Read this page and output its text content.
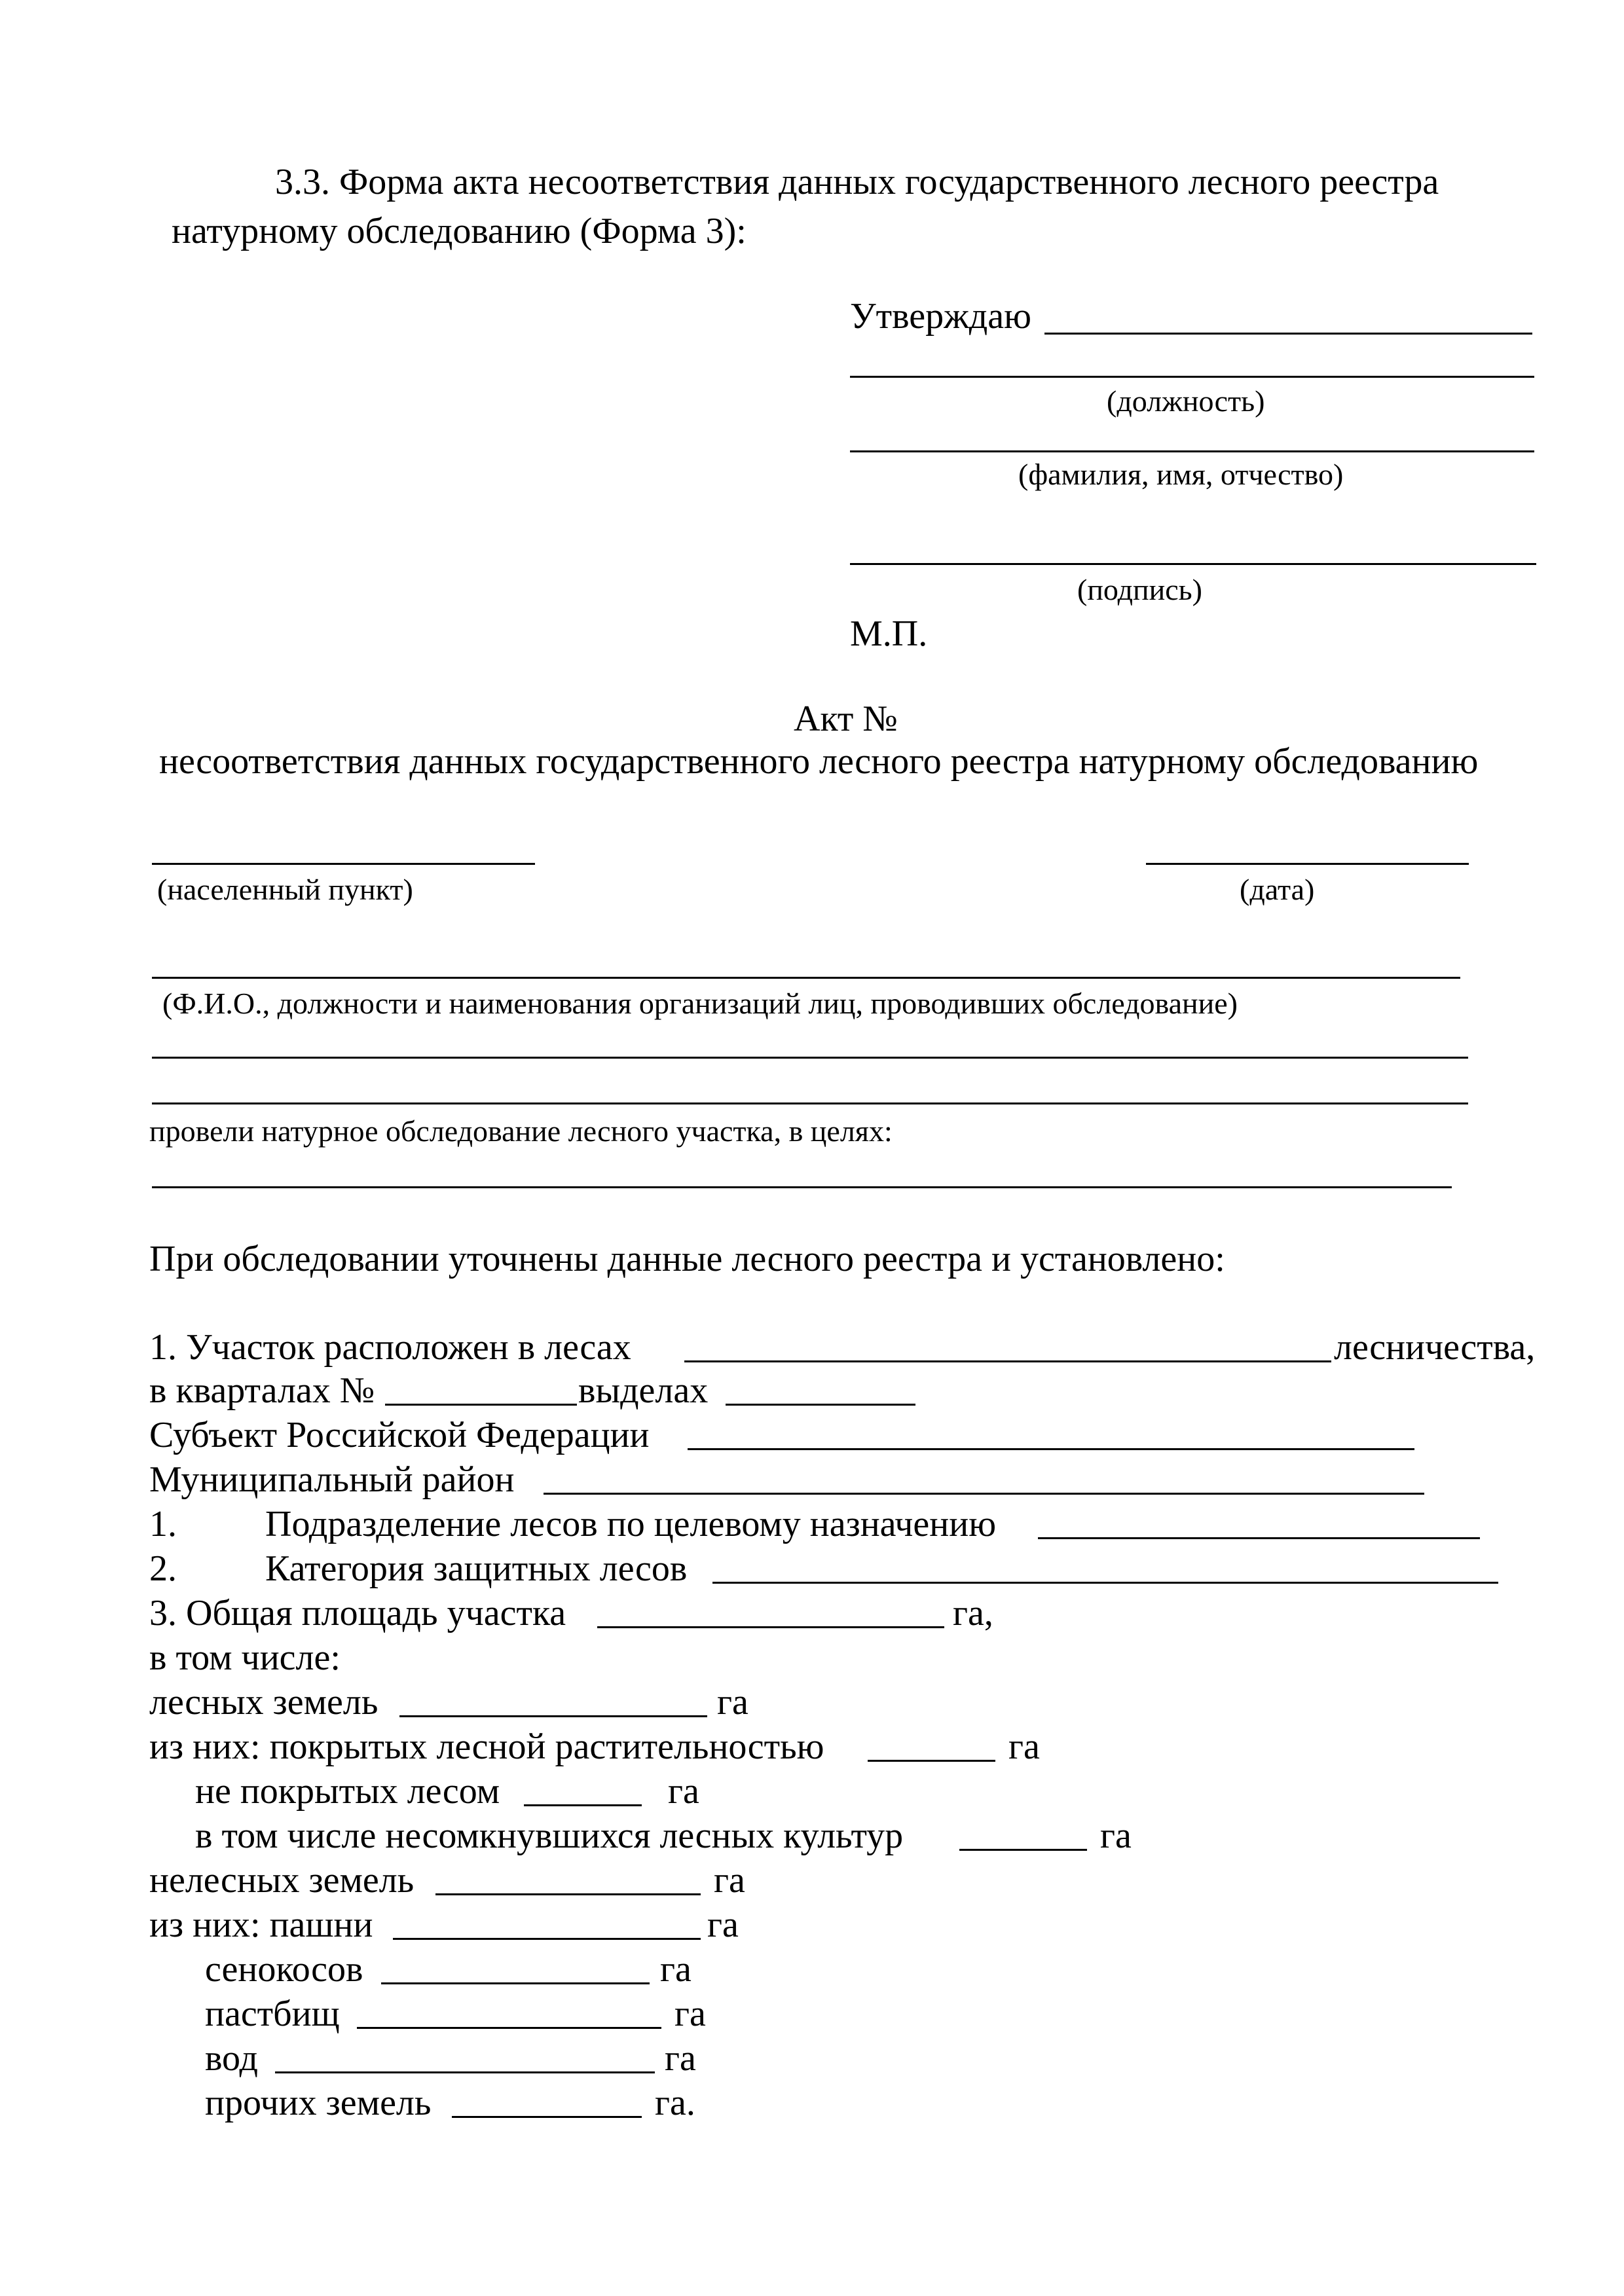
3.3. Форма акта несоответствия данных государственного лесного реестра
натурному обследованию (Форма 3):
Утверждаю
(должность)
(фамилия, имя, отчество)
(подпись)
М.П.
Акт №
несоответствия данных государственного лесного реестра натурному обследованию
(населенный пункт)	(дата)
(Ф.И.О., должности и наименования организаций лиц, проводивших обследование)
провели натурное обследование лесного участка, в целях:
При обследовании уточнены данные лесного реестра и установлено:
1. Участок расположен в лесах	лесничества,
в кварталах №	выделах
Субъект Российской Федерации
Муниципальный район
1. Подразделение лесов по целевому назначению
2. Категория защитных лесов
3. Общая площадь участка	га,
в том числе:
лесных земель	га
из них: покрытых лесной растительностью	га
не покрытых лесом	га
в том числе несомкнувшихся лесных культур	га
нелесных земель	га
из них: пашни	га
сенокосов	га
пастбищ	га
вод	га
прочих земель	га.
